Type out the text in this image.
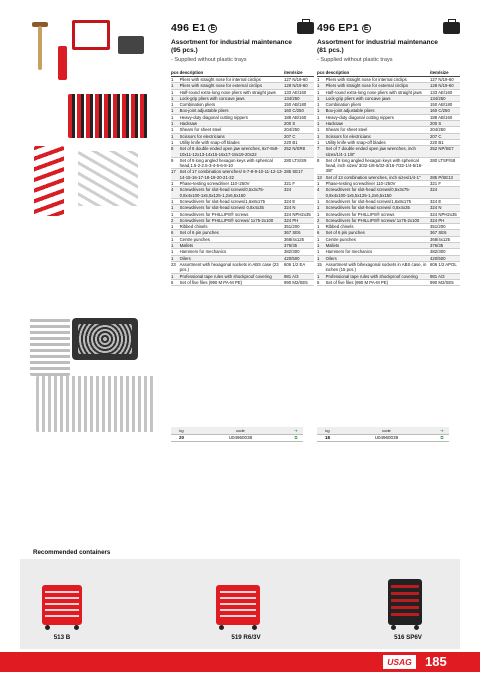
496 E1 E
Assortment for industrial maintenance
(95 pcs.)
- Supplied without plastic trays
pcs	description	item/size
1	Pliers with straight nose for internal circlips	127 N/19-60
1	Pliers with straight nose for external circlips	128 N/19-60
1	Half-round extra-long nose pliers with straight jaws	133 AE/160
1	Lock-grip pliers with concave jaws	134/250
1	Combination pliers	150 AB/180
1	Box-joint adjustable pliers	160 C/250
1	Heavy-duty diagonal cutting nippers	188 AB/160
1	Hacksaw	200 S
1	Shears for sheet steel	204/250
1	Scissors for electricians	207 C
1	Utility knife with snap-off blades	220 B1
8	Set of 8 double ended open jaw wrenches, 6x7-8x9-10x11-12x13-14x15-16x17-18x19-20x22	252 N/SR8
9	Set of 9 long angled hexagon keys with spherical head,1.5-2-2.5-3-4-5-6-8-10	280 LTS/S9
17	Set of 17 combination wrenches/ 6-7-8-9-10-11-12-13-14-15-16-17-18-19-20-21-22	285 SE17
1	Phase-testing screwdriver 110÷250V	321 F
4	Screwdrivers for slot-head screws/0,5x3x75-0,8x4x100-1x5,5x125-1,2x6,5x150	324
1	Screwdrivers for slot-head screws/1,6x8x175	324 E
1	Screwdrivers for slot-head screws/ 0,8x4x35	324 N
1	Screwdrivers for PHILLIPS® screws	324 NPH2x35
2	Screwdrivers for PHILLIPS® screws/ 1x75-2x100	324 PH
1	Ribbed chisels	351/200
6	Set of 6 pin punches	367 SE6
1	Centre punches	368/4x125
1	Mallets	376/35
1	Hammers for mechanics	382/300
1	Oilers	420/500
23	Assortment with hexagonal sockets in ABS case (23 pcs.)	606 1/2 EA
1	Professional tape rules with shockproof covering	981 A/3
5	Set of five files (990 M PA-M PE)	990 M2/SE5
496 EP1 E
Assortment for industrial maintenance
(81 pcs.)
- Supplied without plastic trays
pcs	description	item/size
1	Pliers with straight nose for internal circlips	127 N/19-60
1	Pliers with straight nose for external circlips	128 N/19-60
1	Half-round extra-long nose pliers with straight jaws	133 AE/160
1	Lock-grip pliers with concave jaws	134/250
1	Combination pliers	150 AB/180
1	Box-joint adjustable pliers	160 C/250
1	Heavy-duty diagonal cutting nippers	188 AB/160
1	Hacksaw	200 S
1	Shears for sheet steel	204/250
1	Scissors for electricians	207 C
1	Utility knife with snap-off blades	220 B1
7	Set of 7 double ended open jaw wrenches, inch sizes/1/4-1 1/8"	252 NP/SE7
8	Set of 8 long angled hexagon keys with spherical head, inch sizes/ 3/32-1/8-5/32-3/16-7/32-1/4-5/16-3/8"	280 LTSP/S8
13	Set of 13 combination wrenches, inch sizes/1/4-1"	285 P/SE13
1	Phase-testing screwdriver 110÷250V	321 F
4	Screwdrivers for slot-head screws/0,5x3x75-0,8x4x100-1x5,5x125-1,2x6,5x150	324
1	Screwdrivers for slot-head screws/1,6x8x175	324 E
1	Screwdrivers for slot-head screws/ 0,8x4x35	324 N
1	Screwdrivers for PHILLIPS® screws	324 NPH2x35
2	Screwdrivers for PHILLIPS® screws/ 1x75-2x100	324 PH
1	Ribbed chisels	351/200
6	Set of 6 pin punches	367 SE6
1	Centre punches	368/4x125
1	Mallets	376/35
1	Hammers for mechanics	382/300
1	Oilers	420/500
15	Assortment with bihexagonal sockets in ABS case, in inches (15 pcs.)	606 1/2 APOL
1	Professional tape rules with shockproof covering	981 A/3
5	Set of five files (990 M PA-M PE)	990 M2/SE5
kg	code	➔
20	U04960038	⧉
kg	code	➔
18	U04960039	⧉
Recommended containers
513 B	519 R6/3V	516 SP6V
USAG	185
